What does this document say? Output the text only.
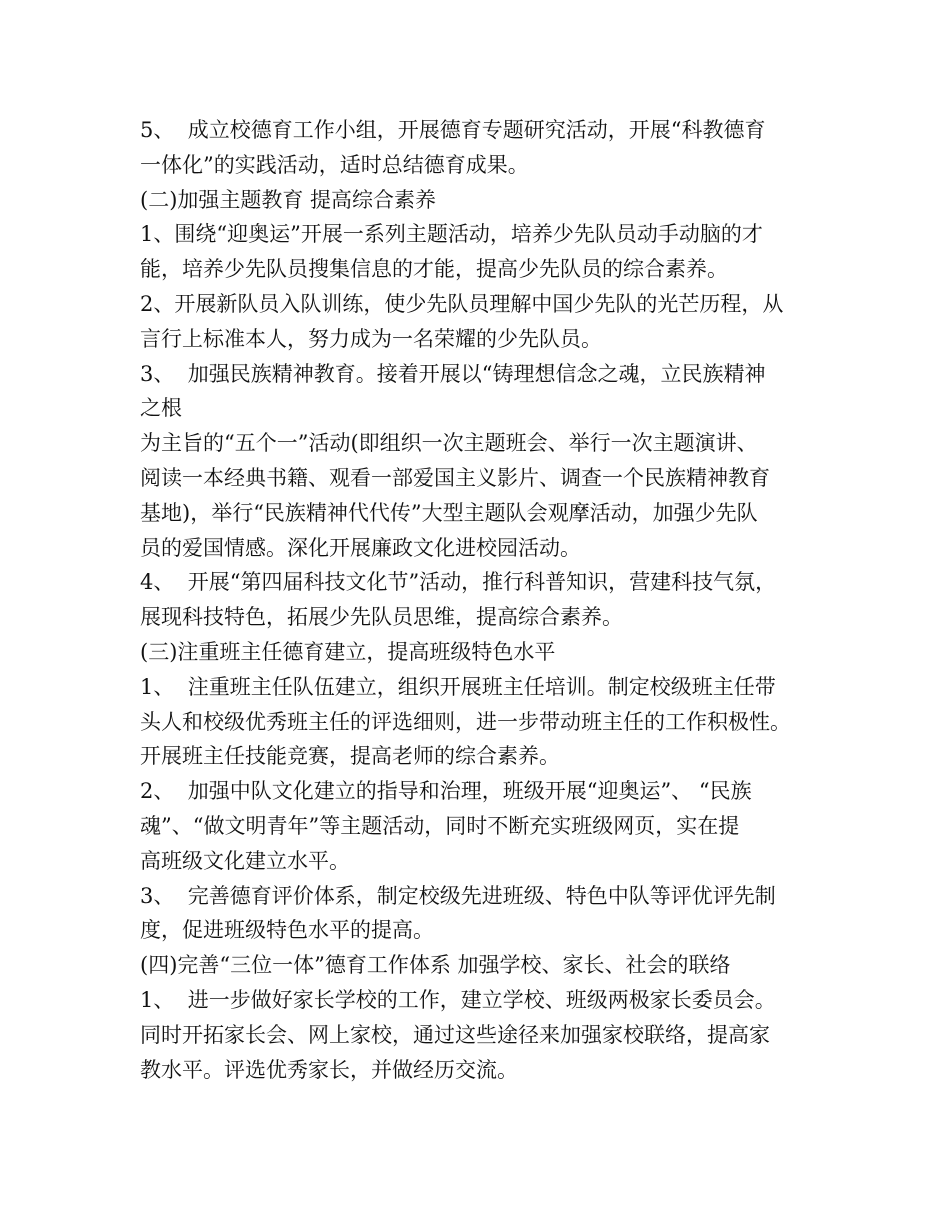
5、  成立校德育工作小组，开展德育专题研究活动，开展“科教德育
一体化”的实践活动，适时总结德育成果。
(二)加强主题教育 提高综合素养
1、围绕“迎奥运”开展一系列主题活动，培养少先队员动手动脑的才
能，培养少先队员搜集信息的才能，提高少先队员的综合素养。
2、开展新队员入队训练，使少先队员理解中国少先队的光芒历程，从
言行上标准本人，努力成为一名荣耀的少先队员。
3、  加强民族精神教育。接着开展以“铸理想信念之魂，立民族精神
之根
为主旨的“五个一”活动(即组织一次主题班会、举行一次主题演讲、
阅读一本经典书籍、观看一部爱国主义影片、调查一个民族精神教育
基地)，举行“民族精神代代传”大型主题队会观摩活动，加强少先队
员的爱国情感。深化开展廉政文化进校园活动。
4、  开展“第四届科技文化节”活动，推行科普知识，营建科技气氛，
展现科技特色，拓展少先队员思维，提高综合素养。
(三)注重班主任德育建立，提高班级特色水平
1、  注重班主任队伍建立，组织开展班主任培训。制定校级班主任带
头人和校级优秀班主任的评选细则，进一步带动班主任的工作积极性。
开展班主任技能竞赛，提高老师的综合素养。
2、  加强中队文化建立的指导和治理，班级开展“迎奥运”、 “民族
魂”、“做文明青年”等主题活动，同时不断充实班级网页，实在提
高班级文化建立水平。
3、  完善德育评价体系，制定校级先进班级、特色中队等评优评先制
度，促进班级特色水平的提高。
(四)完善“三位一体”德育工作体系 加强学校、家长、社会的联络
1、  进一步做好家长学校的工作，建立学校、班级两极家长委员会。
同时开拓家长会、网上家校，通过这些途径来加强家校联络，提高家
教水平。评选优秀家长，并做经历交流。
